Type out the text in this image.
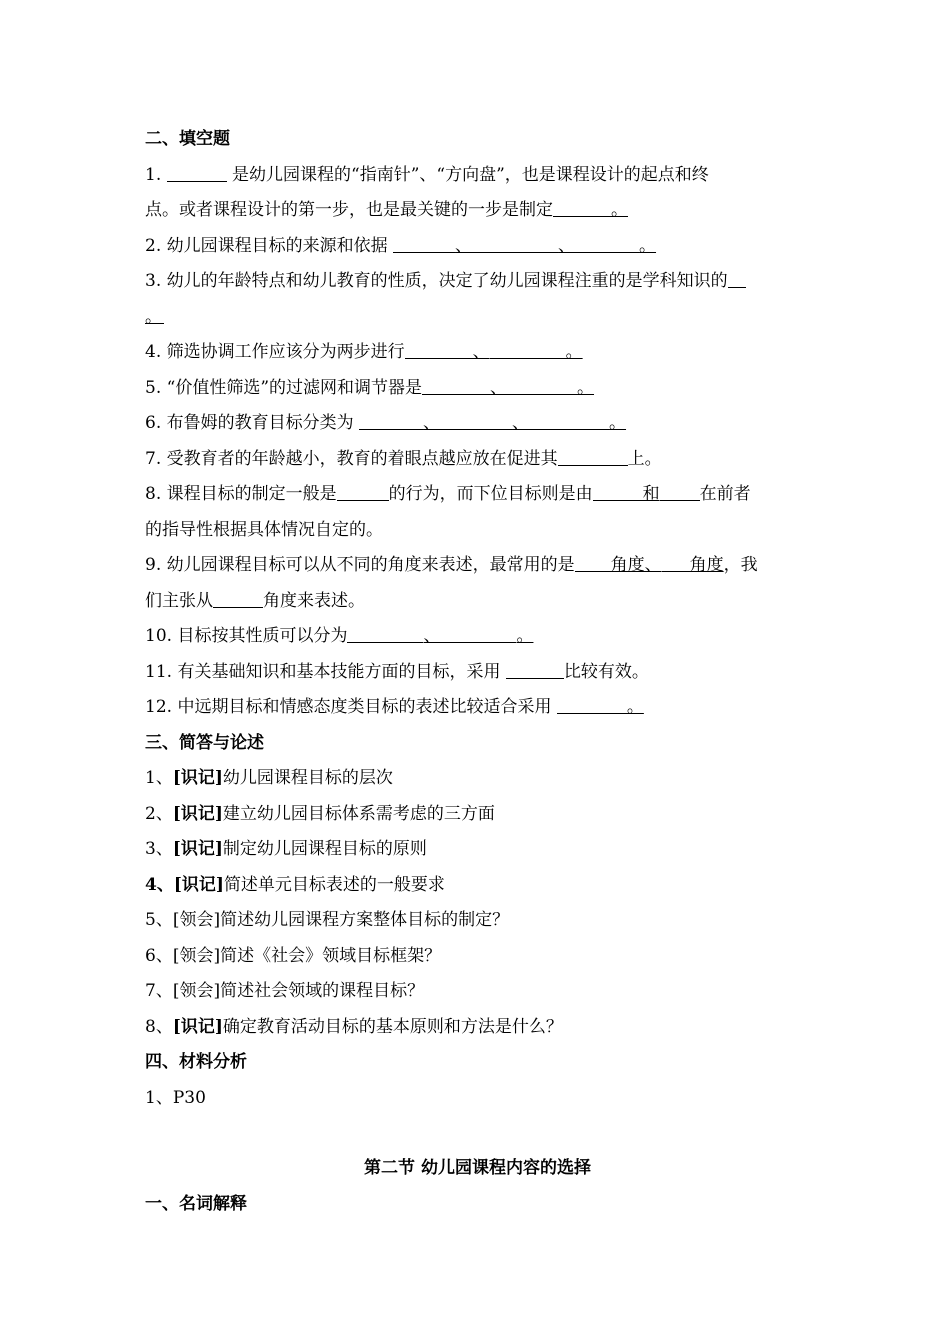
二、填空题
1.	是幼儿园课程的“指南针”、“方向盘”，也是课程设计的起点和终
点。或者课程设计的第一步，也是最关键的一步是制定	。
2. 幼儿园课程目标的来源和依据	、	、	。
3. 幼儿的年龄特点和幼儿教育的性质，决定了幼儿园课程注重的是学科知识的
。
4. 筛选协调工作应该分为两步进行	、	。
5. “价值性筛选”的过滤网和调节器是	、	。
6. 布鲁姆的教育目标分类为	、	、	。
7. 受教育者的年龄越小，教育的着眼点越应放在促进其	上。
8. 课程目标的制定一般是	的行为，而下位目标则是由	和 在前者
的指导性根据具体情况自定的。
9. 幼儿园课程目标可以从不同的角度来表述，最常用的是 角度、 角度，我
们主张从	角度来表述。
10. 目标按其性质可以分为	、	。
11. 有关基础知识和基本技能方面的目标，采用	比较有效。
12. 中远期目标和情感态度类目标的表述比较适合采用	。
三、简答与论述
1、[识记]幼儿园课程目标的层次
2、[识记]建立幼儿园目标体系需考虑的三方面
3、[识记]制定幼儿园课程目标的原则
4、[识记]简述单元目标表述的一般要求
5、[领会]简述幼儿园课程方案整体目标的制定？
6、[领会]简述《社会》领域目标框架？
7、[领会]简述社会领域的课程目标？
8、[识记]确定教育活动目标的基本原则和方法是什么？
四、材料分析
1、P30
第二节 幼儿园课程内容的选择
一、名词解释
